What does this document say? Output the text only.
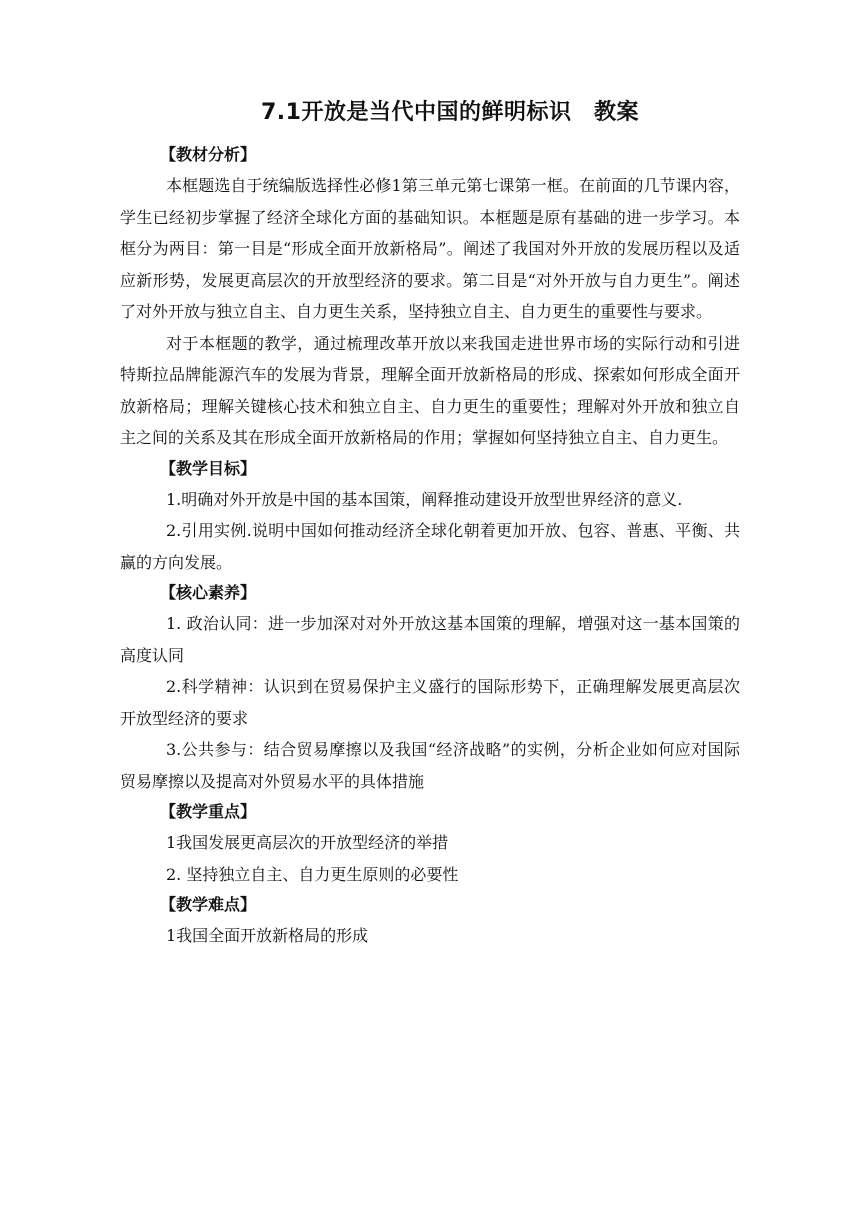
7.1开放是当代中国的鲜明标识　教案

【教材分析】

本框题选自于统编版选择性必修1第三单元第七课第一框。在前面的几节课内容，学生已经初步掌握了经济全球化方面的基础知识。本框题是原有基础的进一步学习。本框分为两目：第一目是“形成全面开放新格局”。阐述了我国对外开放的发展历程以及适应新形势，发展更高层次的开放型经济的要求。第二目是“对外开放与自力更生”。阐述了对外开放与独立自主、自力更生关系，坚持独立自主、自力更生的重要性与要求。

对于本框题的教学，通过梳理改革开放以来我国走进世界市场的实际行动和引进特斯拉品牌能源汽车的发展为背景，理解全面开放新格局的形成、探索如何形成全面开放新格局；理解关键核心技术和独立自主、自力更生的重要性；理解对外开放和独立自主之间的关系及其在形成全面开放新格局的作用；掌握如何坚持独立自主、自力更生。

【教学目标】

1.明确对外开放是中国的基本国策，阐释推动建设开放型世界经济的意义.

2.引用实例.说明中国如何推动经济全球化朝着更加开放、包容、普惠、平衡、共赢的方向发展。

【核心素养】

1. 政治认同：进一步加深对对外开放这基本国策的理解，增强对这一基本国策的高度认同

2.科学精神：认识到在贸易保护主义盛行的国际形势下，正确理解发展更高层次开放型经济的要求

3.公共参与：结合贸易摩擦以及我国“经济战略”的实例，分析企业如何应对国际贸易摩擦以及提高对外贸易水平的具体措施

【教学重点】

1我国发展更高层次的开放型经济的举措

2. 坚持独立自主、自力更生原则的必要性

【教学难点】

1我国全面开放新格局的形成
